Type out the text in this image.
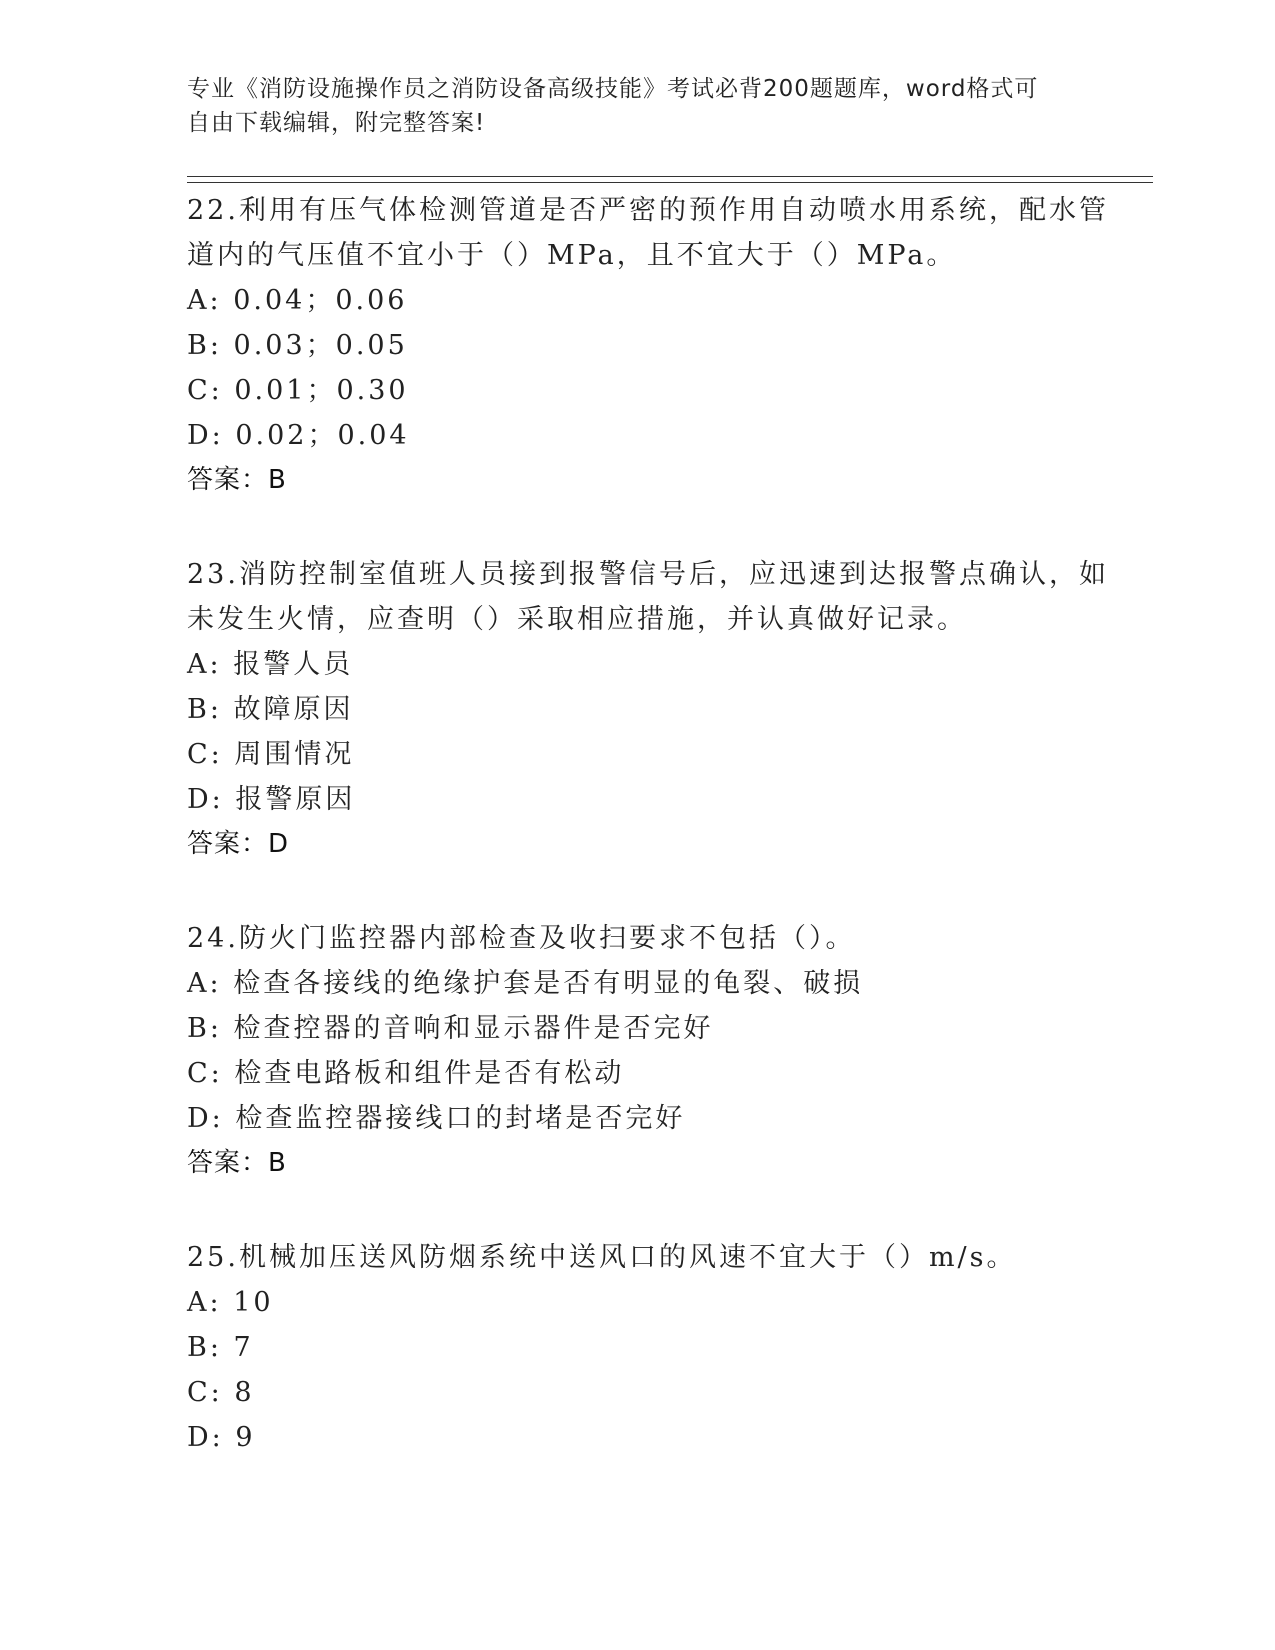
专业《消防设施操作员之消防设备高级技能》考试必背200题题库，word格式可
自由下载编辑，附完整答案!

22.利用有压气体检测管道是否严密的预作用自动喷水用系统，配水管
道内的气压值不宜小于（）MPa，且不宜大于（）MPa。

A: 0.04；0.06

B: 0.03；0.05

C: 0.01；0.30

D: 0.02；0.04

答案：B

23.消防控制室值班人员接到报警信号后，应迅速到达报警点确认，如
未发生火情，应查明（）采取相应措施，并认真做好记录。

A: 报警人员

B: 故障原因

C: 周围情况

D: 报警原因

答案：D

24.防火门监控器内部检查及收扫要求不包括（）。

A: 检查各接线的绝缘护套是否有明显的龟裂、破损

B: 检查控器的音响和显示器件是否完好

C: 检查电路板和组件是否有松动

D: 检查监控器接线口的封堵是否完好

答案：B

25.机械加压送风防烟系统中送风口的风速不宜大于（）m/s。

A: 10

B: 7

C: 8

D: 9
